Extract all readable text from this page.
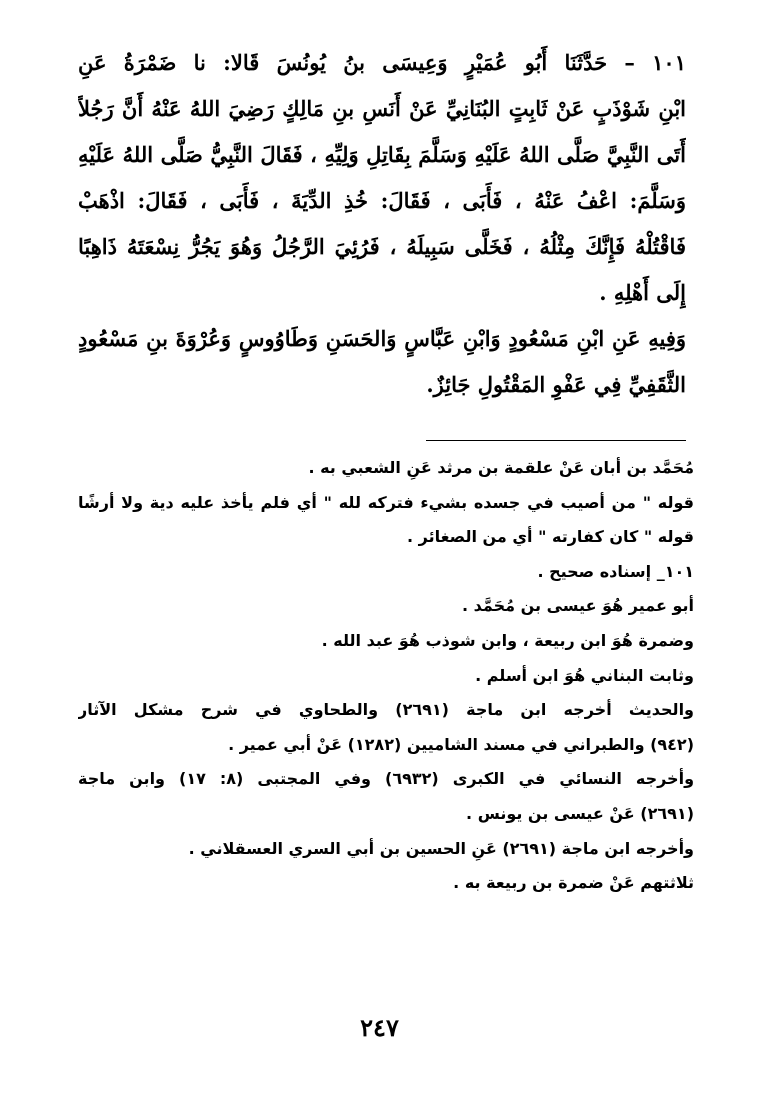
١٠١ – حَدَّثَنَا أَبُو عُمَيْرٍ وَعِيسَى بنُ يُونُسَ قَالا: نا ضَمْرَةُ عَنِ
ابْنِ شَوْذَبٍ عَنْ ثَابِتٍ البُنَانِيِّ عَنْ أَنَسِ بنِ مَالِكٍ رَضِيَ اللهُ عَنْهُ أَنَّ رَجُلاً
أَتَى النَّبِيَّ صَلَّى اللهُ عَلَيْهِ وَسَلَّمَ بِقَاتِلِ وَلِيِّهِ ، فَقَالَ النَّبِيُّ صَلَّى اللهُ عَلَيْهِ
وَسَلَّمَ: اعْفُ عَنْهُ ، فَأَبَى ، فَقَالَ: خُذِ الدِّيَةَ ، فَأَبَى ، فَقَالَ: اذْهَبْ
فَاقْتُلْهُ فَإِنَّكَ مِثْلُهُ ، فَخَلَّى سَبِيلَهُ ، فَرُئِيَ الرَّجُلُ وَهُوَ يَجُرُّ نِسْعَتَهُ ذَاهِبًا
إِلَى أَهْلِهِ .
وَفِيهِ عَنِ ابْنِ مَسْعُودٍ وَابْنِ عَبَّاسٍ وَالحَسَنِ وَطَاوُوسٍ وَعُرْوَةَ بنِ مَسْعُودٍ
الثَّقَفِيِّ فِي عَفْوِ المَقْتُولِ جَائِزٌ.
مُحَمَّد بن أبان عَنْ علقمة بن مرثد عَنِ الشعبي به .
قوله " من أصيب في جسده بشيء فتركه لله " أي فلم يأخذ عليه دية ولا أرشًا
قوله " كان كفارته " أي من الصغائر .
١٠١_ إسناده صحيح .
أبو عمير هُوَ عيسى بن مُحَمَّد .
وضمرة هُوَ ابن ربيعة ، وابن شوذب هُوَ عبد الله .
وثابت البناني هُوَ ابن أسلم .
والحديث أخرجه ابن ماجة (٢٦٩١) والطحاوي في شرح مشكل الآثار
(٩٤٢) والطبراني في مسند الشاميين (١٢٨٢) عَنْ أبي عمير .
وأخرجه النسائي في الكبرى (٦٩٣٢) وفي المجتبى (٨: ١٧) وابن ماجة
(٢٦٩١) عَنْ عيسى بن يونس .
وأخرجه ابن ماجة (٢٦٩١) عَنِ الحسين بن أبي السري العسقلاني .
ثلاثتهم عَنْ ضمرة بن ربيعة به .
٢٤٧
